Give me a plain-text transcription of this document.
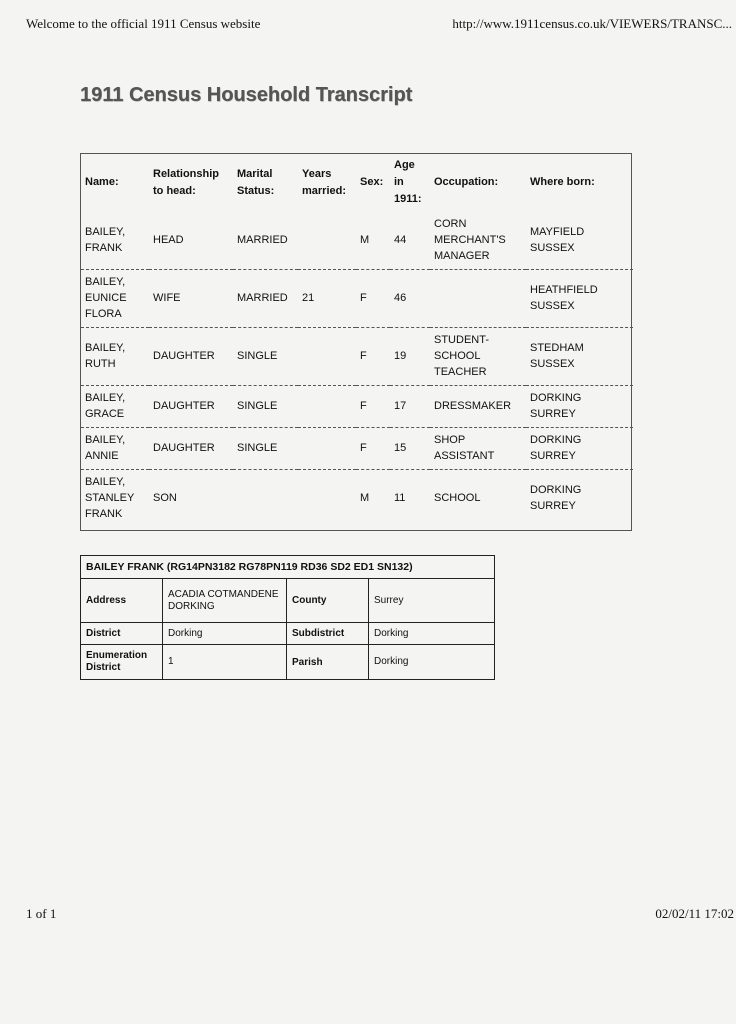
Welcome to the official 1911 Census website	http://www.1911census.co.uk/VIEWERS/TRANSC...
1911 Census Household Transcript
Name:	Relationship to head:	Marital Status:	Years married:	Sex:	Age in 1911:	Occupation:	Where born:
BAILEY, FRANK	HEAD	MARRIED		M	44	CORN MERCHANT'S MANAGER	MAYFIELD SUSSEX
BAILEY, EUNICE FLORA	WIFE	MARRIED	21	F	46		HEATHFIELD SUSSEX
BAILEY, RUTH	DAUGHTER	SINGLE		F	19	STUDENT-SCHOOL TEACHER	STEDHAM SUSSEX
BAILEY, GRACE	DAUGHTER	SINGLE		F	17	DRESSMAKER	DORKING SURREY
BAILEY, ANNIE	DAUGHTER	SINGLE		F	15	SHOP ASSISTANT	DORKING SURREY
BAILEY, STANLEY FRANK	SON			M	11	SCHOOL	DORKING SURREY
BAILEY FRANK (RG14PN3182 RG78PN119 RD36 SD2 ED1 SN132)			
Address	ACADIA COTMANDENE DORKING	County	Surrey
District	Dorking	Subdistrict	Dorking
Enumeration District	1	Parish	Dorking
1 of 1	02/02/11 17:02
